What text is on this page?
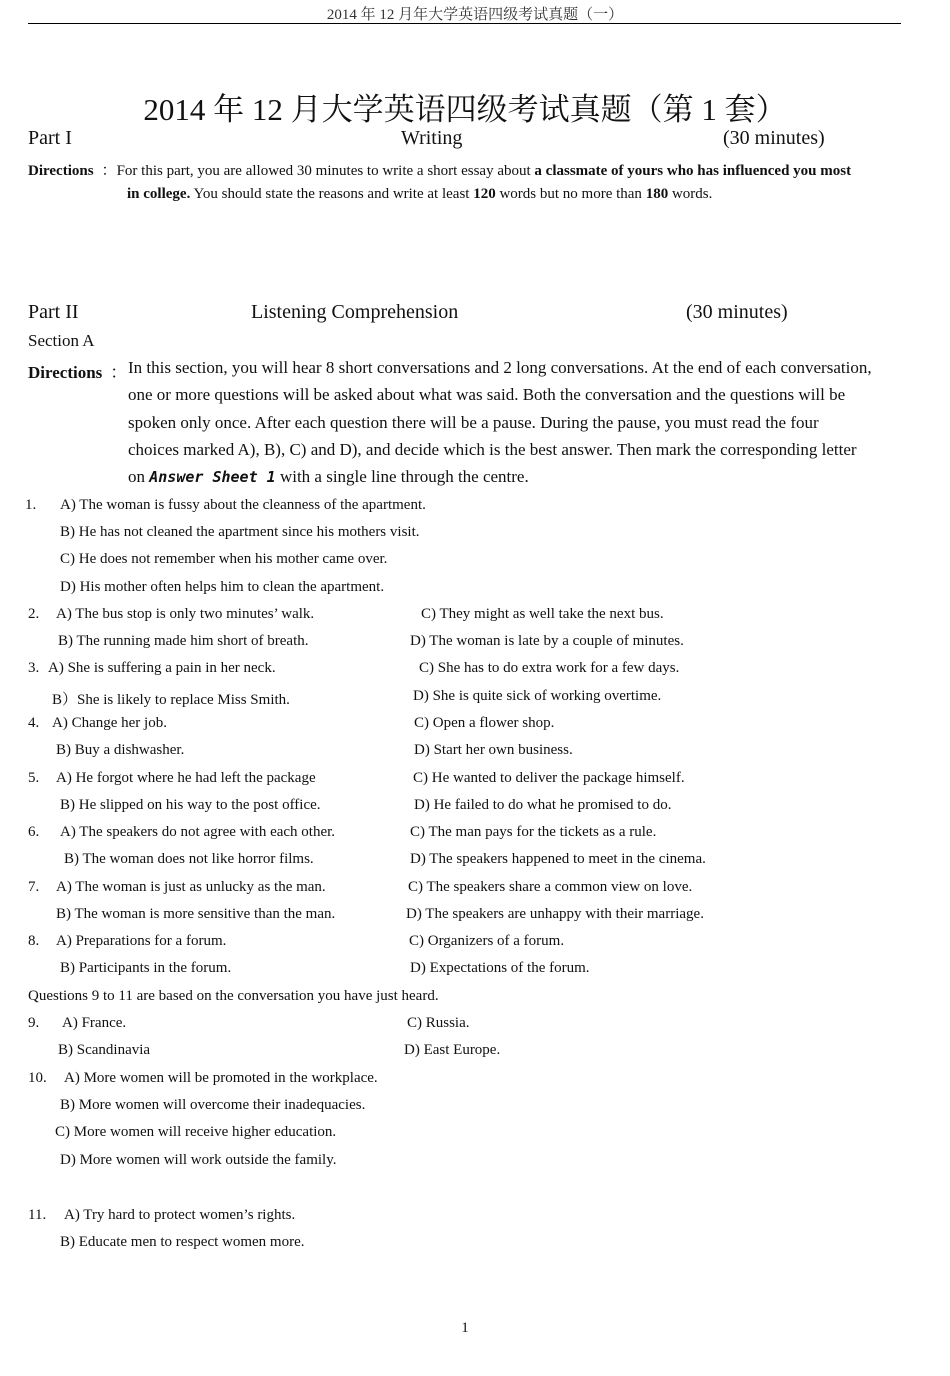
2014 年 12 月年大学英语四级考试真题（一）
2014 年 12 月大学英语四级考试真题（第 1 套）
Part I	Writing	(30 minutes)
Directions ：For this part, you are allowed 30 minutes to write a short essay about a classmate of yours who has influenced you most
in college. You should state the reasons and write at least 120 words but no more than 180 words.
Part II	Listening Comprehension	(30 minutes)
Section A
Directions ： In this section, you will hear 8 short conversations and 2 long conversations. At the end of each conversation,
one or more questions will be asked about what was said. Both the conversation and the questions will be
spoken only once. After each question there will be a pause. During the pause, you must read the four
choices marked A), B), C) and D), and decide which is the best answer. Then mark the corresponding letter
on Answer Sheet 1 with a single line through the centre.
1. A) The woman is fussy about the cleanness of the apartment.
B) He has not cleaned the apartment since his mothers visit.
C) He does not remember when his mother came over.
D) His mother often helps him to clean the apartment.
2. A) The bus stop is only two minutes’ walk.	C) They might as well take the next bus.
B) The running made him short of breath.	D) The woman is late by a couple of minutes.
3. A) She is suffering a pain in her neck.	C) She has to do extra work for a few days.
B）She is likely to replace Miss Smith.	D) She is quite sick of working overtime.
4. A) Change her job.	C) Open a flower shop.
B) Buy a dishwasher.	D) Start her own business.
5. A) He forgot where he had left the package	C) He wanted to deliver the package himself.
B) He slipped on his way to the post office.	D) He failed to do what he promised to do.
6. A) The speakers do not agree with each other.	C) The man pays for the tickets as a rule.
B) The woman does not like horror films.	D) The speakers happened to meet in the cinema.
7. A) The woman is just as unlucky as the man.	C) The speakers share a common view on love.
B) The woman is more sensitive than the man.	D) The speakers are unhappy with their marriage.
8. A) Preparations for a forum.	C) Organizers of a forum.
B) Participants in the forum.	D) Expectations of the forum.
Questions 9 to 11 are based on the conversation you have just heard.
9. A) France.	C) Russia.
B) Scandinavia	D) East Europe.
10. A) More women will be promoted in the workplace.
B) More women will overcome their inadequacies.
C) More women will receive higher education.
D) More women will work outside the family.
11. A) Try hard to protect women’s rights.
B) Educate men to respect women more.
1
